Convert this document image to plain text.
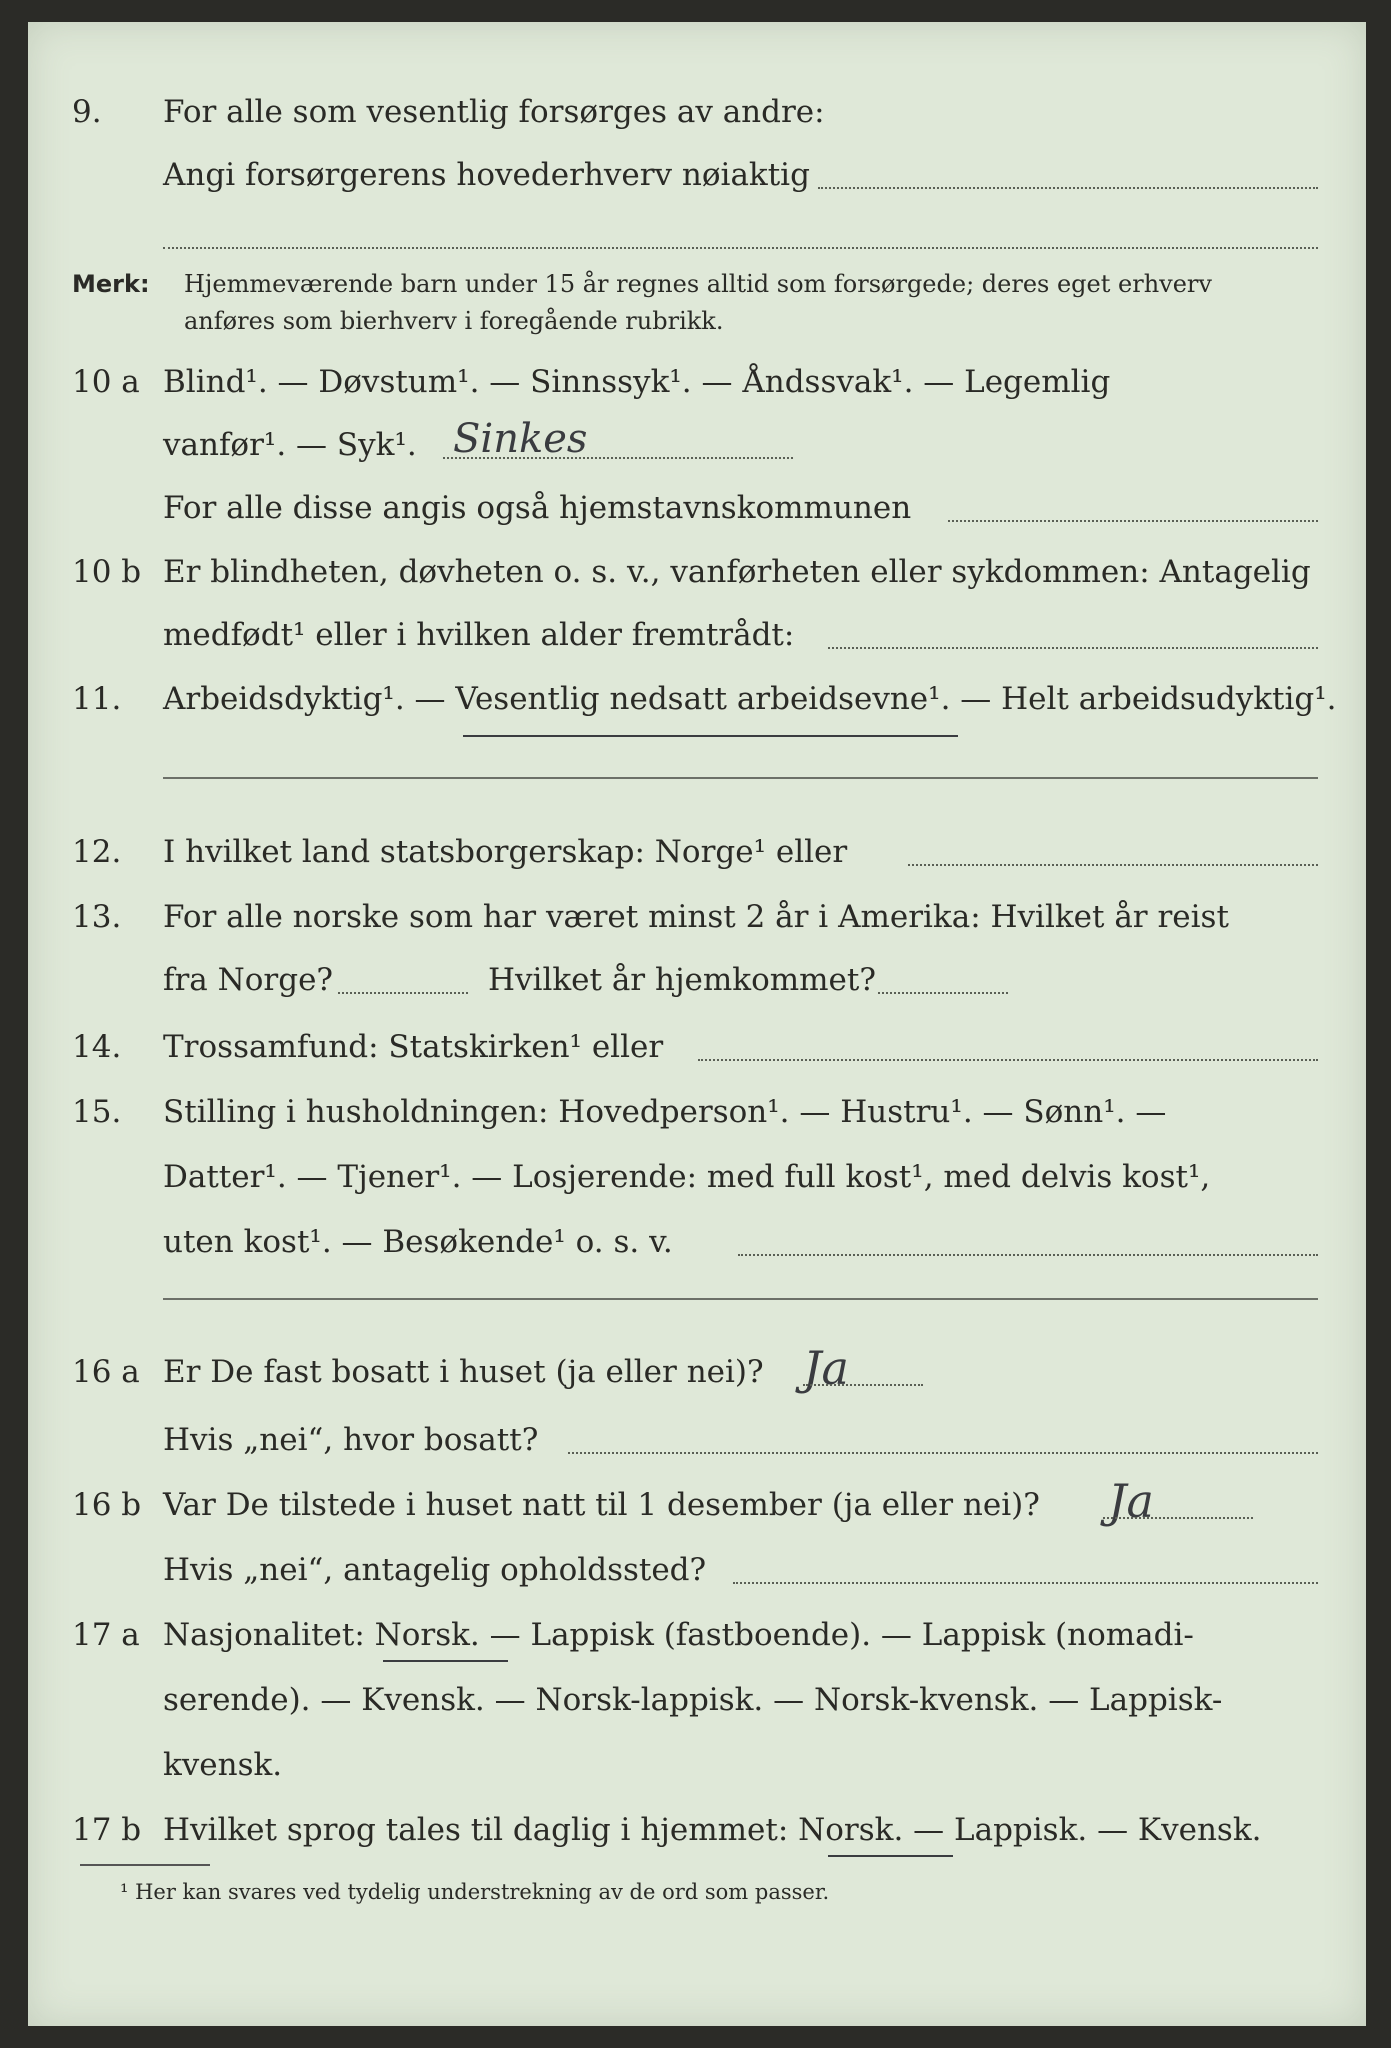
9. For alle som vesentlig forsørges av andre:
Angi forsørgerens hovederhverv nøiaktig
Merk: Hjemmeværende barn under 15 år regnes alltid som forsørgede; deres eget erhverv
anføres som bierhverv i foregående rubrikk.
10 a Blind¹. — Døvstum¹. — Sinnssyk¹. — Åndssvak¹. — Legemlig
vanfør¹. — Syk¹. Sinkes
For alle disse angis også hjemstavnskommunen
10 b Er blindheten, døvheten o. s. v., vanførheten eller sykdommen: Antagelig
medfødt¹ eller i hvilken alder fremtrådt:
11. Arbeidsdyktig¹. — Vesentlig nedsatt arbeidsevne¹. — Helt arbeidsudyktig¹.
12. I hvilket land statsborgerskap: Norge¹ eller
13. For alle norske som har været minst 2 år i Amerika: Hvilket år reist
fra Norge?	Hvilket år hjemkommet?
14. Trossamfund: Statskirken¹ eller
15. Stilling i husholdningen: Hovedperson¹. — Hustru¹. — Sønn¹. —
Datter¹. — Tjener¹. — Losjerende: med full kost¹, med delvis kost¹,
uten kost¹. — Besøkende¹ o. s. v.
16 a Er De fast bosatt i huset (ja eller nei)? Ja
Hvis „nei“, hvor bosatt?
16 b Var De tilstede i huset natt til 1 desember (ja eller nei)? Ja
Hvis „nei“, antagelig opholdssted?
17 a Nasjonalitet: Norsk. — Lappisk (fastboende). — Lappisk (nomadi-
serende). — Kvensk. — Norsk-lappisk. — Norsk-kvensk. — Lappisk-
kvensk.
17 b Hvilket sprog tales til daglig i hjemmet: Norsk. — Lappisk. — Kvensk.
¹ Her kan svares ved tydelig understrekning av de ord som passer.
